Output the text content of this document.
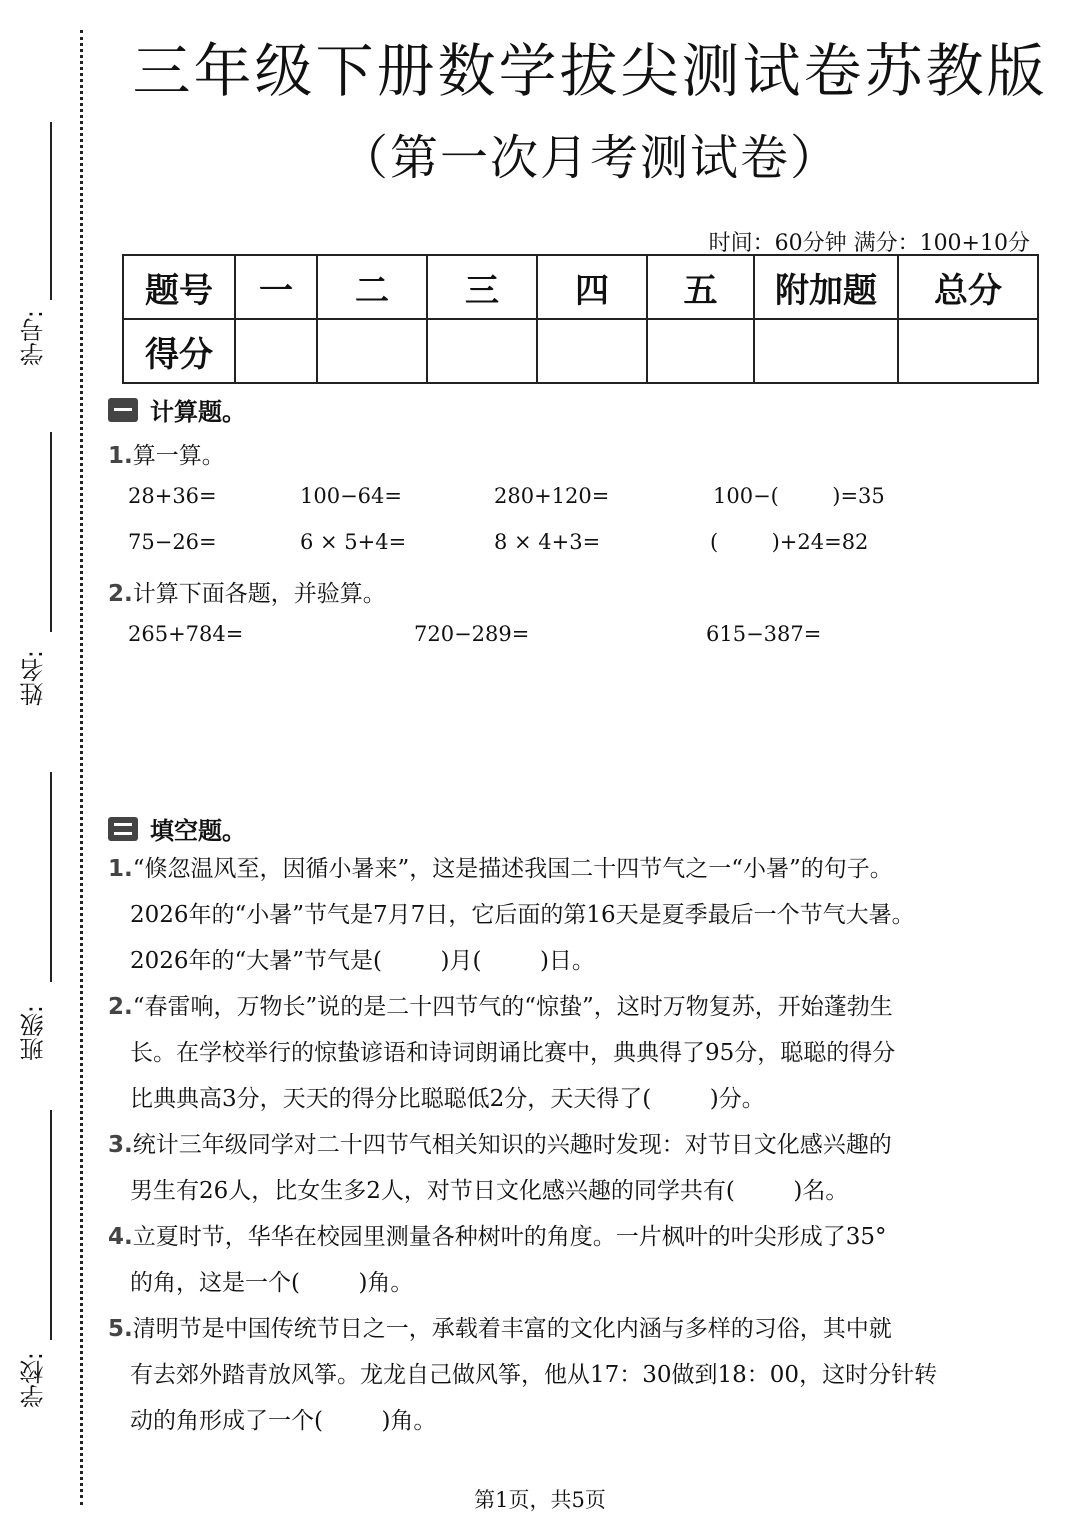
学号:
姓名:
班级:
学校:
三年级下册数学拔尖测试卷苏教版
（第一次月考测试卷）
时间：60分钟 满分：100+10分
题号	一	二	三	四	五	附加题	总分
得分							
计算题。
1.算一算。
28+36=	100−64=	280+120=	100−(        )=35
75−26=	6 × 5+4=	8 × 4+3=	(        )+24=82
2.计算下面各题，并验算。
265+784=	720−289=	615−387=
填空题。

1.“倏忽温风至，因循小暑来”，这是描述我国二十四节气之一“小暑”的句子。

2026年的“小暑”节气是7月7日，它后面的第16天是夏季最后一个节气大暑。

2026年的“大暑”节气是(        )月(        )日。

2.“春雷响，万物长”说的是二十四节气的“惊蛰”，这时万物复苏，开始蓬勃生

长。在学校举行的惊蛰谚语和诗词朗诵比赛中，典典得了95分，聪聪的得分

比典典高3分，天天的得分比聪聪低2分，天天得了(        )分。

3.统计三年级同学对二十四节气相关知识的兴趣时发现：对节日文化感兴趣的

男生有26人，比女生多2人，对节日文化感兴趣的同学共有(        )名。

4.立夏时节，华华在校园里测量各种树叶的角度。一片枫叶的叶尖形成了35°

的角，这是一个(        )角。

5.清明节是中国传统节日之一，承载着丰富的文化内涵与多样的习俗，其中就

有去郊外踏青放风筝。龙龙自己做风筝，他从17：30做到18：00，这时分针转

动的角形成了一个(        )角。

第1页，共5页
